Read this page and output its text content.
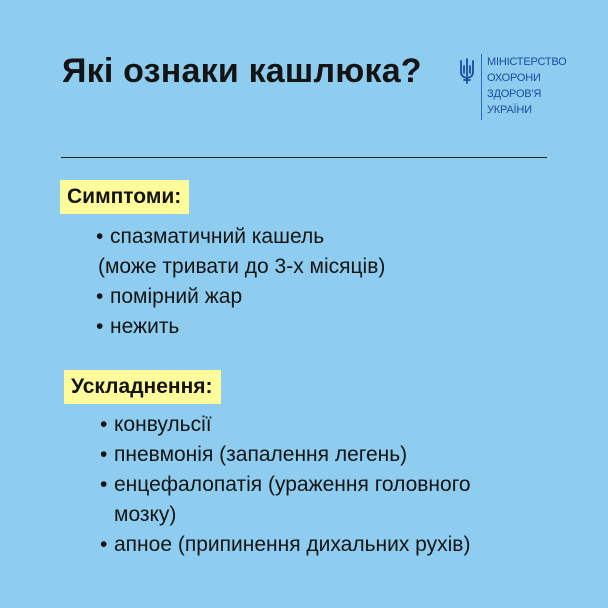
Які ознаки кашлюка?	МІНІСТЕРСТВО
ОХОРОНИ
ЗДОРОВ'Я
УКРАЇНИ
Симптоми:
• спазматичний кашель
(може тривати до 3-х місяців)
• помірний жар
• нежить
Ускладнення:
• конвульсії
• пневмонія (запалення легень)
• енцефалопатія (ураження головного
мозку)
• апное (припинення дихальних рухів)
